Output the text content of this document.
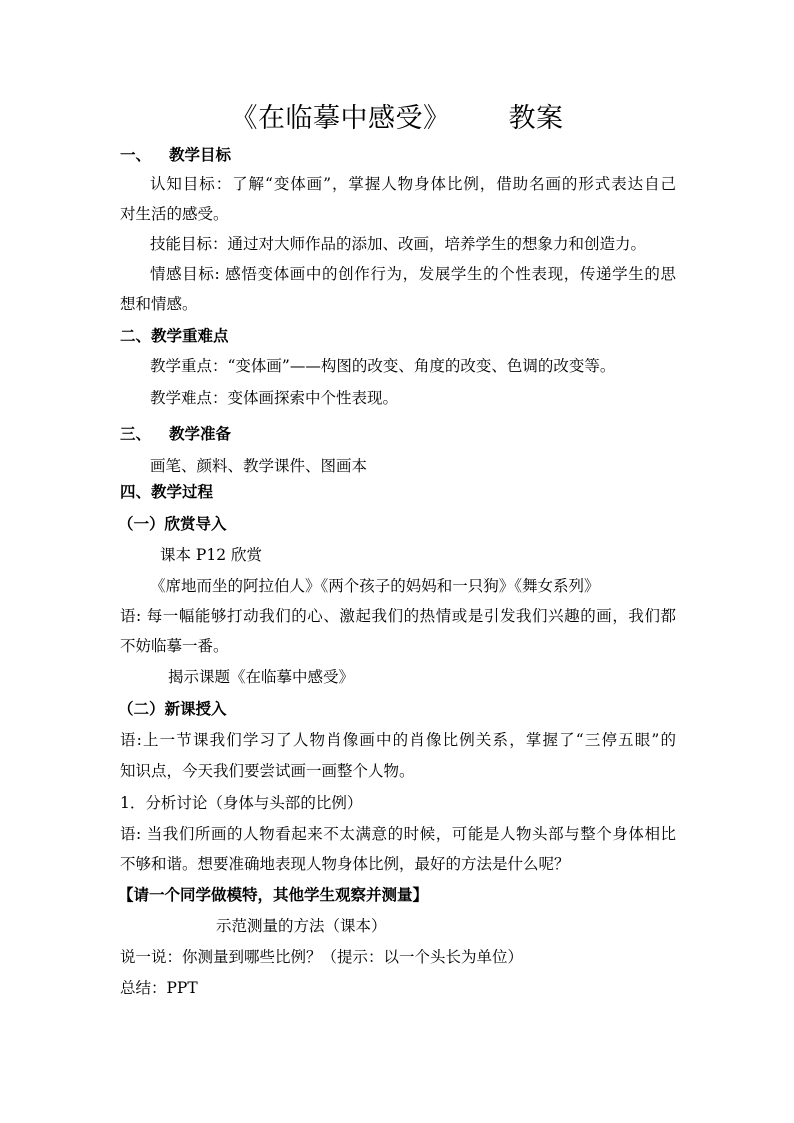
《在临摹中感受》 教案
一、 教学目标
认知目标：了解“变体画”，掌握人物身体比例，借助名画的形式表达自己
对生活的感受。
技能目标：通过对大师作品的添加、改画，培养学生的想象力和创造力。
情感目标: 感悟变体画中的创作行为，发展学生的个性表现，传递学生的思
想和情感。
二、教学重难点
教学重点：“变体画”——构图的改变、角度的改变、色调的改变等。
教学难点：变体画探索中个性表现。
三、 教学准备
画笔、颜料、教学课件、图画本
四、教学过程
（一）欣赏导入
课本 P12 欣赏
《席地而坐的阿拉伯人》《两个孩子的妈妈和一只狗》《舞女系列》
语: 每一幅能够打动我们的心、激起我们的热情或是引发我们兴趣的画，我们都
不妨临摹一番。
揭示课题《在临摹中感受》
（二）新课授入
语:上一节课我们学习了人物肖像画中的肖像比例关系，掌握了“三停五眼”的
知识点，今天我们要尝试画一画整个人物。
1．分析讨论（身体与头部的比例）
语: 当我们所画的人物看起来不太满意的时候，可能是人物头部与整个身体相比
不够和谐。想要准确地表现人物身体比例，最好的方法是什么呢？
【请一个同学做模特，其他学生观察并测量】
示范测量的方法（课本）
说一说：你测量到哪些比例？（提示：以一个头长为单位）
总结：PPT
